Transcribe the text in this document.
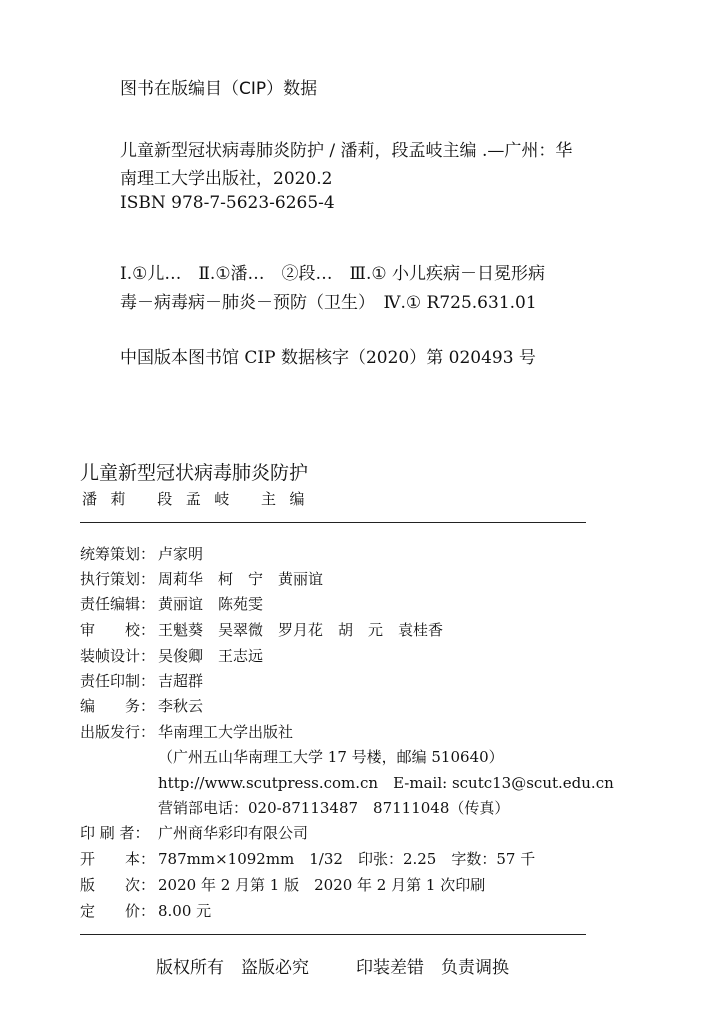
图书在版编目（CIP）数据
儿童新型冠状病毒肺炎防护 / 潘莉，段孟岐主编 .—广州：华
南理工大学出版社，2020.2
ISBN 978-7-5623-6265-4
Ⅰ.①儿…　Ⅱ.①潘…　②段…　Ⅲ.① 小儿疾病－日冕形病
毒－病毒病－肺炎－预防（卫生）　Ⅳ.① R725.631.01
中国版本图书馆 CIP 数据核字（2020）第 020493 号
儿童新型冠状病毒肺炎防护
潘莉 段孟岐 主编
统筹策划： 卢家明
执行策划： 周莉华　柯　宁　黄丽谊
责任编辑： 黄丽谊　陈苑雯
审　　校： 王魁葵　吴翠微　罗月花　胡　元　袁桂香
装帧设计： 吴俊卿　王志远
责任印制： 吉超群
编　　务： 李秋云
出版发行： 华南理工大学出版社
（广州五山华南理工大学 17 号楼，邮编 510640）
http://www.scutpress.com.cn　E-mail: scutc13@scut.edu.cn
营销部电话：020-87113487　87111048（传真）
印 刷 者： 广州商华彩印有限公司
开　　本： 787mm×1092mm　1/32　印张：2.25　字数：57 千
版　　次： 2020 年 2 月第 1 版　2020 年 2 月第 1 次印刷
定　　价： 8.00 元
版权所有　盗版必究	印装差错　负责调换
